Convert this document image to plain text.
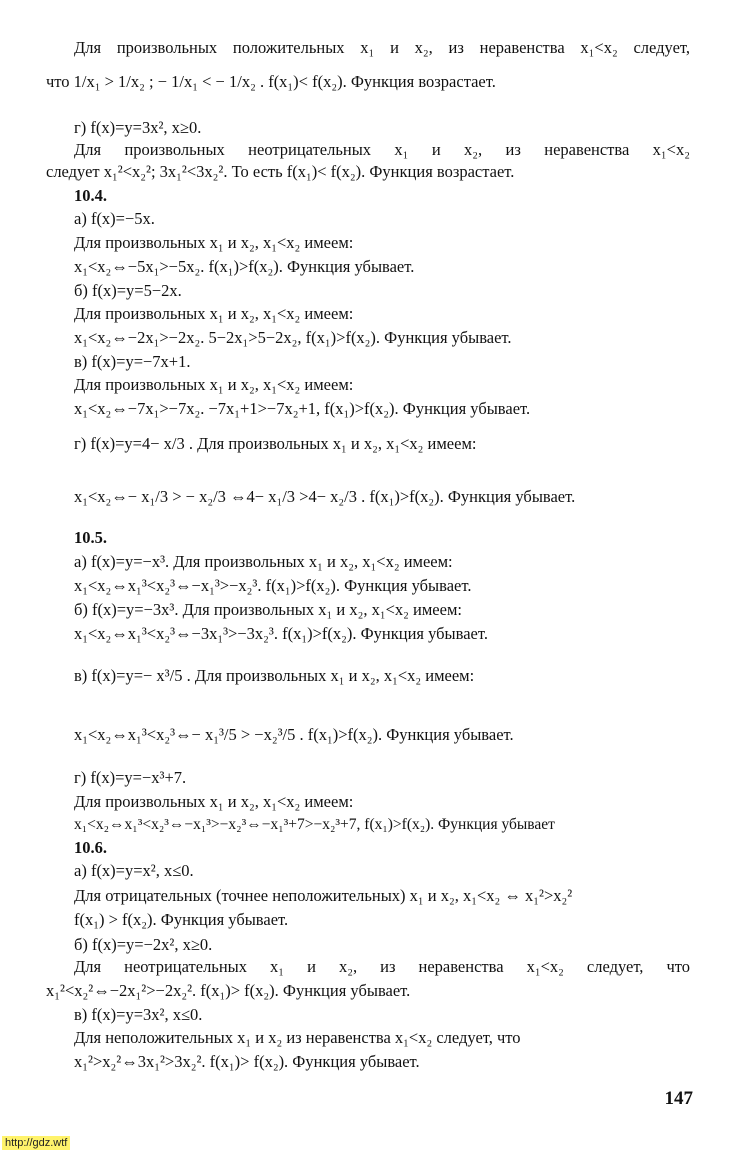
Для произвольных положительных x₁ и x₂, из неравенства x₁<x₂ следует,
что 1/x₁ > 1/x₂ ; − 1/x₁ < − 1/x₂ . f(x₁)< f(x₂). Функция возрастает.
г) f(x)=y=3x², x≥0.
Для произвольных неотрицательных x₁ и x₂, из неравенства x₁<x₂
следует x₁²<x₂²; 3x₁²<3x₂². То есть f(x₁)< f(x₂). Функция возрастает.
10.4.
а) f(x)=−5x.
Для произвольных x₁ и x₂, x₁<x₂ имеем:
x₁<x₂⇔−5x₁>−5x₂. f(x₁)>f(x₂). Функция убывает.
б) f(x)=y=5−2x.
Для произвольных x₁ и x₂, x₁<x₂ имеем:
x₁<x₂⇔−2x₁>−2x₂. 5−2x₁>5−2x₂, f(x₁)>f(x₂). Функция убывает.
в) f(x)=y=−7x+1.
Для произвольных x₁ и x₂, x₁<x₂ имеем:
x₁<x₂⇔−7x₁>−7x₂. −7x₁+1>−7x₂+1, f(x₁)>f(x₂). Функция убывает.
г) f(x)=y=4− x/3 . Для произвольных x₁ и x₂, x₁<x₂ имеем:
x₁<x₂⇔− x₁/3 > − x₂/3 ⇔4− x₁/3 >4− x₂/3 . f(x₁)>f(x₂). Функция убывает.
10.5.
а) f(x)=y=−x³. Для произвольных x₁ и x₂, x₁<x₂ имеем:
x₁<x₂⇔x₁³<x₂³⇔−x₁³>−x₂³. f(x₁)>f(x₂). Функция убывает.
б) f(x)=y=−3x³. Для произвольных x₁ и x₂, x₁<x₂ имеем:
x₁<x₂⇔x₁³<x₂³⇔−3x₁³>−3x₂³. f(x₁)>f(x₂). Функция убывает.
в) f(x)=y=− x³/5 . Для произвольных x₁ и x₂, x₁<x₂ имеем:
x₁<x₂⇔x₁³<x₂³⇔− x₁³/5 > −x₂³/5 . f(x₁)>f(x₂). Функция убывает.
г) f(x)=y=−x³+7.
Для произвольных x₁ и x₂, x₁<x₂ имеем:
x₁<x₂⇔x₁³<x₂³⇔−x₁³>−x₂³⇔−x₁³+7>−x₂³+7, f(x₁)>f(x₂). Функция убывает
10.6.
а) f(x)=y=x², x≤0.
Для отрицательных (точнее неположительных) x₁ и x₂, x₁<x₂ ⇔ x₁²>x₂²
f(x₁) > f(x₂). Функция убывает.
б) f(x)=y=−2x², x≥0.
Для неотрицательных x₁ и x₂, из неравенства x₁<x₂ следует, что
x₁²<x₂²⇔−2x₁²>−2x₂². f(x₁)> f(x₂). Функция убывает.
в) f(x)=y=3x², x≤0.
Для неположительных x₁ и x₂ из неравенства x₁<x₂ следует, что
x₁²>x₂²⇔3x₁²>3x₂². f(x₁)> f(x₂). Функция убывает.
147
http://gdz.wtf
